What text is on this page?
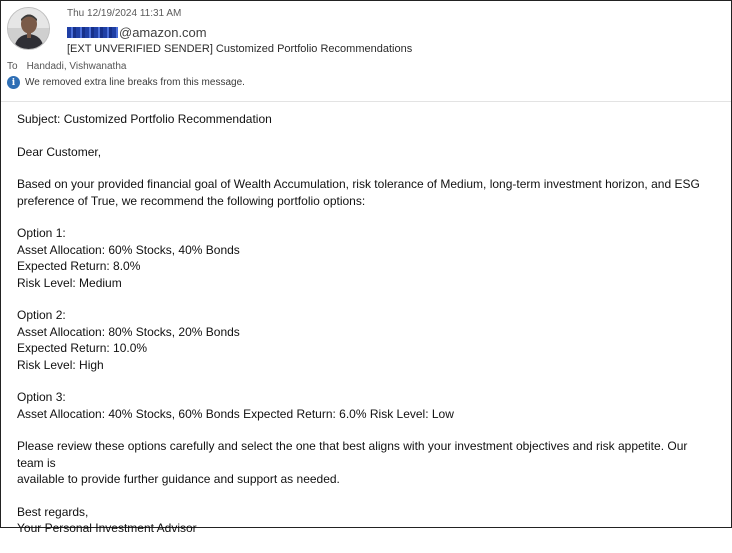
Thu 12/19/2024 11:31 AM
@amazon.com
[EXT UNVERIFIED SENDER] Customized Portfolio Recommendations
To Handadi, Vishwanatha
i We removed extra line breaks from this message.

Subject: Customized Portfolio Recommendation

Dear Customer,

Based on your provided financial goal of Wealth Accumulation, risk tolerance of Medium, long-term investment horizon, and ESG
preference of True, we recommend the following portfolio options:

Option 1:
Asset Allocation: 60% Stocks, 40% Bonds
Expected Return: 8.0%
Risk Level: Medium

Option 2:
Asset Allocation: 80% Stocks, 20% Bonds
Expected Return: 10.0%
Risk Level: High

Option 3:
Asset Allocation: 40% Stocks, 60% Bonds Expected Return: 6.0% Risk Level: Low

Please review these options carefully and select the one that best aligns with your investment objectives and risk appetite. Our team is
available to provide further guidance and support as needed.

Best regards,
Your Personal Investment Advisor
